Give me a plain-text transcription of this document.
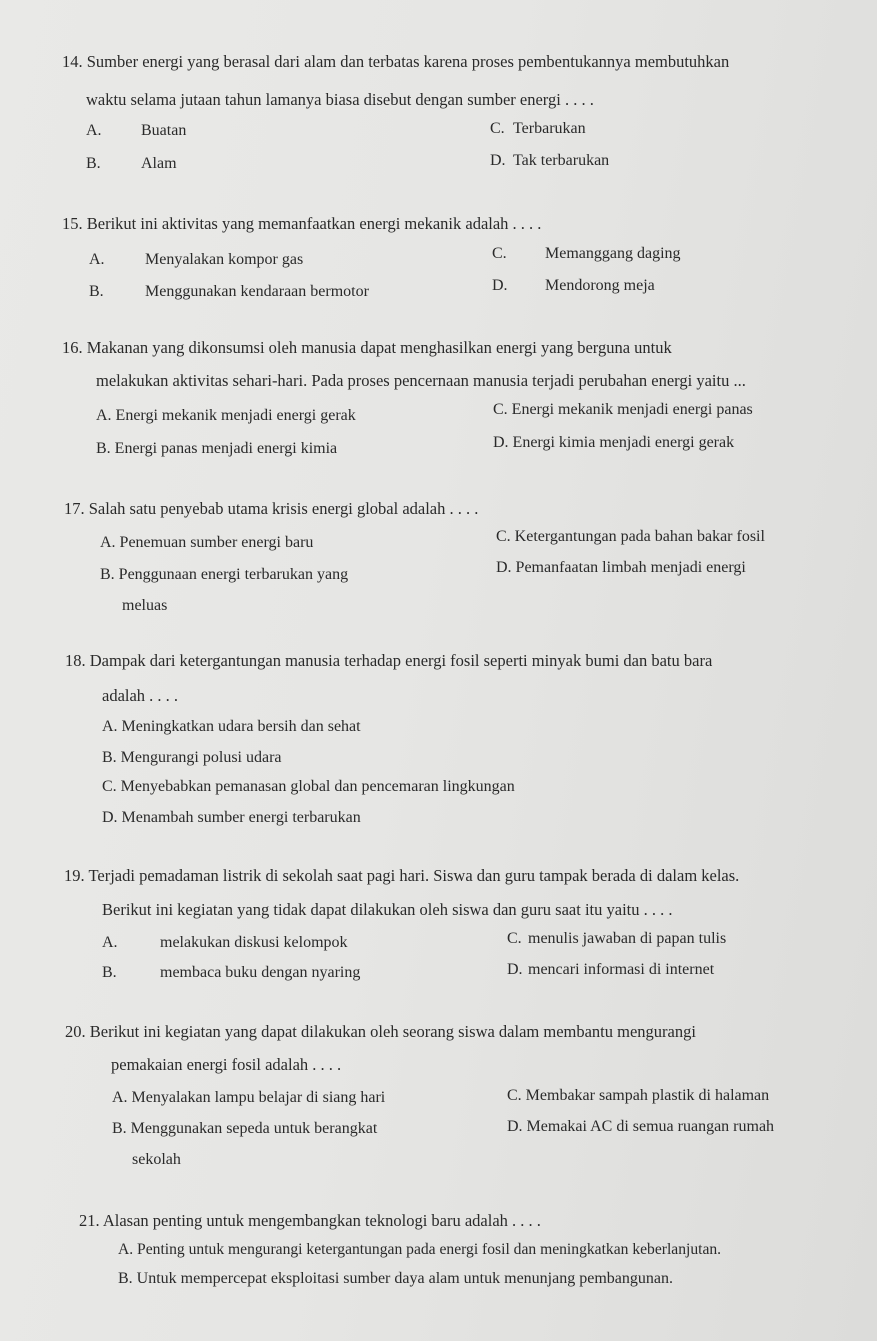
14. Sumber energi yang berasal dari alam dan terbatas karena proses pembentukannya membutuhkan
waktu selama jutaan tahun lamanya biasa disebut dengan sumber energi . . . .
A. Buatan
B.	Alam
C. Terbarukan
D. Tak terbarukan
15. Berikut ini aktivitas yang memanfaatkan energi mekanik adalah . . . .
A.	Menyalakan kompor gas
B.	Menggunakan kendaraan bermotor
C. Memanggang daging
D. Mendorong meja
16. Makanan yang dikonsumsi oleh manusia dapat menghasilkan energi yang berguna untuk
melakukan aktivitas sehari-hari. Pada proses pencernaan manusia terjadi perubahan energi yaitu ...
A. Energi mekanik menjadi energi gerak
B. Energi panas menjadi energi kimia
C. Energi mekanik menjadi energi panas
D. Energi kimia menjadi energi gerak
17. Salah satu penyebab utama krisis energi global adalah . . . .
A. Penemuan sumber energi baru
B. Penggunaan energi terbarukan yang
meluas
C. Ketergantungan pada bahan bakar fosil
D. Pemanfaatan limbah menjadi energi
18. Dampak dari ketergantungan manusia terhadap energi fosil seperti minyak bumi dan batu bara
adalah . . . .
A. Meningkatkan udara bersih dan sehat
B. Mengurangi polusi udara
C. Menyebabkan pemanasan global dan pencemaran lingkungan
D. Menambah sumber energi terbarukan
19. Terjadi pemadaman listrik di sekolah saat pagi hari. Siswa dan guru tampak berada di dalam kelas.
Berikut ini kegiatan yang tidak dapat dilakukan oleh siswa dan guru saat itu yaitu . . . .
A.	melakukan diskusi kelompok
B.	membaca buku dengan nyaring
C. menulis jawaban di papan tulis
D. mencari informasi di internet
20. Berikut ini kegiatan yang dapat dilakukan oleh seorang siswa dalam membantu mengurangi
pemakaian energi fosil adalah . . . .
A. Menyalakan lampu belajar di siang hari
B. Menggunakan sepeda untuk berangkat
sekolah
C. Membakar sampah plastik di halaman
D. Memakai AC di semua ruangan rumah
21. Alasan penting untuk mengembangkan teknologi baru adalah . . . .
A. Penting untuk mengurangi ketergantungan pada energi fosil dan meningkatkan keberlanjutan.
B. Untuk mempercepat eksploitasi sumber daya alam untuk menunjang pembangunan.
